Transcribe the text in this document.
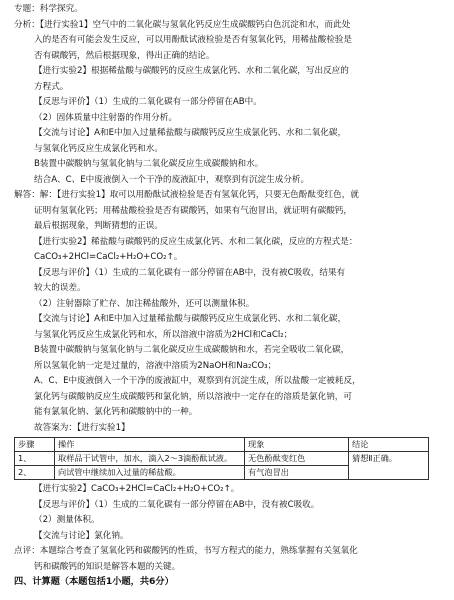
专题：科学探究。

分析：【进行实验1】空气中的二氧化碳与氢氧化钙反应生成碳酸钙白色沉淀和水，而此处

入的是否有可能会发生反应，可以用酚酞试液检验是否有氢氧化钙，用稀盐酸检验是

否有碳酸钙，然后根据现象，得出正确的结论。

【进行实验2】根据稀盐酸与碳酸钙的反应生成氯化钙、水和二氧化碳，写出反应的

方程式。

【反思与评价】（1）生成的二氧化碳有一部分停留在AB中。

（2）固体质量中注射器的作用分析。

【交流与讨论】A和E中加入过量稀盐酸与碳酸钙反应生成氯化钙、水和二氧化碳，

与氢氧化钙反应生成氯化钙和水。

B装置中碳酸钠与氢氧化钠与二氧化碳反应生成碳酸钠和水。

结合A、C、E中废液倒入一个干净的废液缸中，观察到有沉淀生成分析。

解答：解：【进行实验1】取可以用酚酞试液检验是否有氢氧化钙，只要无色酚酞变红色，就

证明有氢氧化钙；用稀盐酸检验是否有碳酸钙，如果有气泡冒出，就证明有碳酸钙，

最后根据现象，判断猜想的正误。

【进行实验2】稀盐酸与碳酸钙的反应生成氯化钙、水和二氧化碳，反应的方程式是：

CaCO₃+2HCl=CaCl₂+H₂O+CO₂↑。

【反思与评价】（1）生成的二氧化碳有一部分停留在AB中，没有被C吸收，结果有

较大的误差。

（2）注射器除了贮存、加注稀盐酸外，还可以测量体积。

【交流与讨论】A和E中加入过量稀盐酸与碳酸钙反应生成氯化钙、水和二氧化碳，

与氢氧化钙反应生成氯化钙和水，所以溶液中溶质为2HCl和CaCl₂；

B装置中碳酸钠与氢氧化钠与二氧化碳反应生成碳酸钠和水，若完全吸收二氧化碳，

所以氢氧化钠一定是过量的，溶液中溶质为2NaOH和Na₂CO₃；

A、C、E中废液倒入一个干净的废液缸中，观察到有沉淀生成，所以盐酸一定被耗反，

氯化钙与碳酸钠反应生成碳酸钙和氯化钠，所以溶液中一定存在的溶质是氯化钠，可

能有氯氧化钠、氯化钙和碳酸钠中的一种。

故答案为：【进行实验1】

步骤	操作	现象	结论
1、	取样品于试管中，加水，滴入2～3滴酚酞试液。	无色酚酞变红色	猜想Ⅱ正确。
2、	向试管中继续加入过量的稀盐酸。	有气泡冒出	

【进行实验2】CaCO₃+2HCl=CaCl₂+H₂O+CO₂↑。

【反思与评价】（1）生成的二氧化碳有一部分停留在AB中，没有被C吸收。

（2）测量体积。

【交流与讨论】氯化钠。

点评：本题综合考查了氢氧化钙和碳酸钙的性质，书写方程式的能力，熟练掌握有关氢氧化

钙和碳酸钙的知识是解答本题的关键。

四、计算题（本题包括1小题，共6分）
